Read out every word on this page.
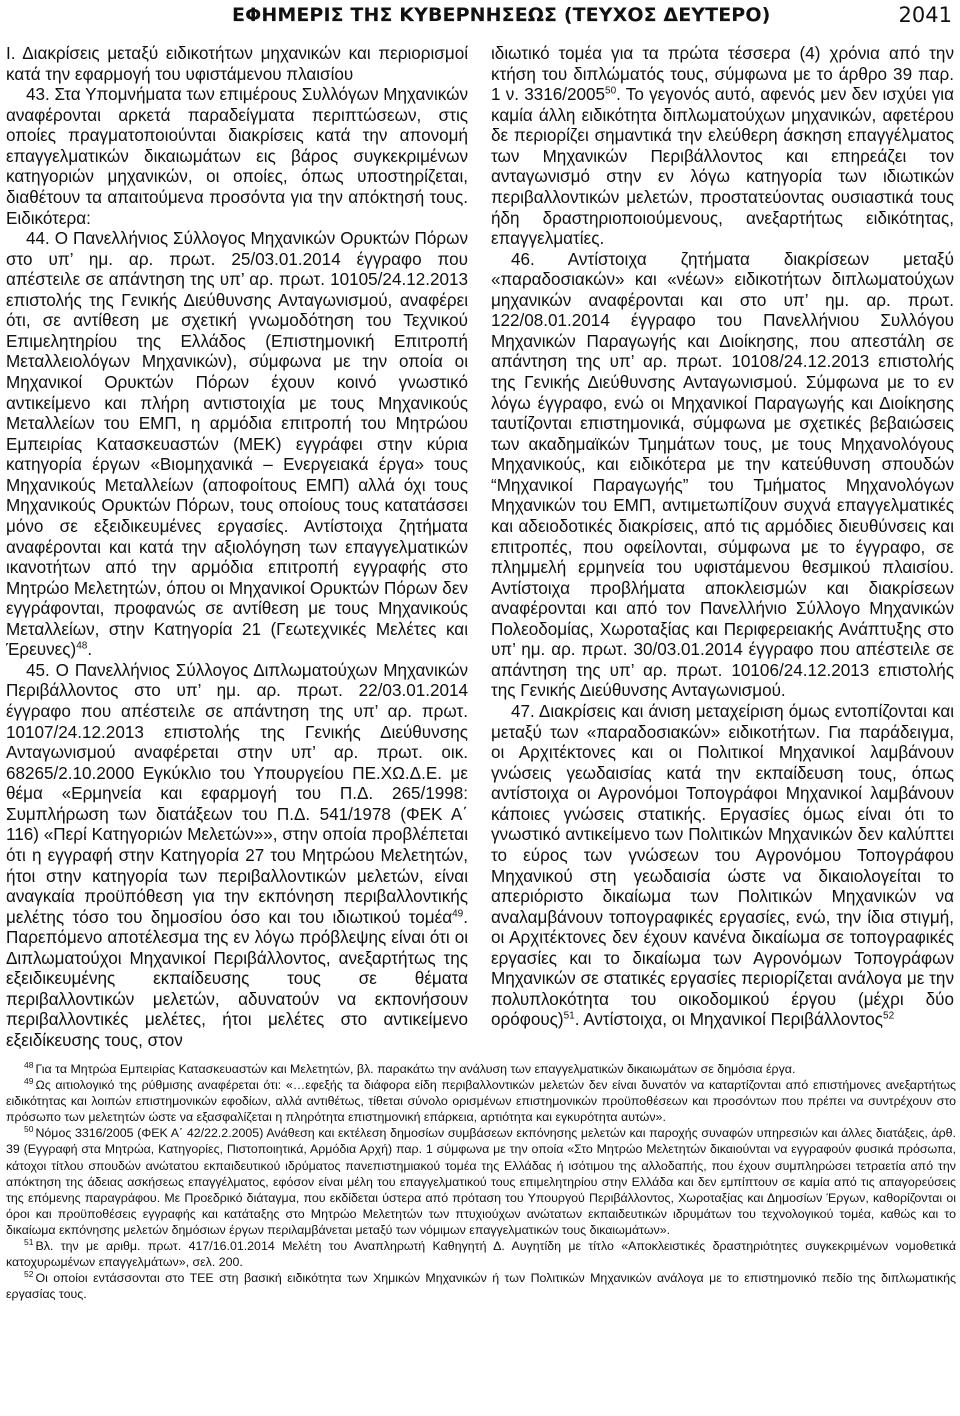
ΕΦΗΜΕΡΙΣ ΤΗΣ ΚΥΒΕΡΝΗΣΕΩΣ (ΤΕΥΧΟΣ ΔΕΥΤΕΡΟ)	2041

Ι. Διακρίσεις μεταξύ ειδικοτήτων μηχανικών και περιορισμοί κατά την εφαρμογή του υφιστάμενου πλαισίου

43. Στα Υπομνήματα των επιμέρους Συλλόγων Μηχανικών αναφέρονται αρκετά παραδείγματα περιπτώσεων, στις οποίες πραγματοποιούνται διακρίσεις κατά την απονομή επαγγελματικών δικαιωμάτων εις βάρος συγκεκριμένων κατηγοριών μηχανικών, οι οποίες, όπως υποστηρίζεται, διαθέτουν τα απαιτούμενα προσόντα για την απόκτησή τους. Ειδικότερα:

44. Ο Πανελλήνιος Σύλλογος Μηχανικών Ορυκτών Πόρων στο υπ’ ημ. αρ. πρωτ. 25/03.01.2014 έγγραφο που απέστειλε σε απάντηση της υπ’ αρ. πρωτ. 10105/24.12.2013 επιστολής της Γενικής Διεύθυνσης Ανταγωνισμού, αναφέρει ότι, σε αντίθεση με σχετική γνωμοδότηση του Τεχνικού Επιμελητηρίου της Ελλάδος (Επιστημονική Επιτροπή Μεταλλειολόγων Μηχανικών), σύμφωνα με την οποία οι Μηχανικοί Ορυκτών Πόρων έχουν κοινό γνωστικό αντικείμενο και πλήρη αντιστοιχία με τους Μηχανικούς Μεταλλείων του ΕΜΠ, η αρμόδια επιτροπή του Μητρώου Εμπειρίας Κατασκευαστών (ΜΕΚ) εγγράφει στην κύρια κατηγορία έργων «Βιομηχανικά – Ενεργειακά έργα» τους Μηχανικούς Μεταλλείων (αποφοίτους ΕΜΠ) αλλά όχι τους Μηχανικούς Ορυκτών Πόρων, τους οποίους τους κατατάσσει μόνο σε εξειδικευμένες εργασίες. Αντίστοιχα ζητήματα αναφέρονται και κατά την αξιολόγηση των επαγγελματικών ικανοτήτων από την αρμόδια επιτροπή εγγραφής στο Μητρώο Μελετητών, όπου οι Μηχανικοί Ορυκτών Πόρων δεν εγγράφονται, προφανώς σε αντίθεση με τους Μηχανικούς Μεταλλείων, στην Κατηγορία 21 (Γεωτεχνικές Μελέτες και Έρευνες)$^{48}$.

45. Ο Πανελλήνιος Σύλλογος Διπλωματούχων Μηχανικών Περιβάλλοντος στο υπ’ ημ. αρ. πρωτ. 22/03.01.2014 έγγραφο που απέστειλε σε απάντηση της υπ’ αρ. πρωτ. 10107/24.12.2013 επιστολής της Γενικής Διεύθυνσης Ανταγωνισμού αναφέρεται στην υπ’ αρ. πρωτ. οικ. 68265/2.10.2000 Εγκύκλιο του Υπουργείου ΠΕ.ΧΩ.Δ.Ε. με θέμα «Ερμηνεία και εφαρμογή του Π.Δ. 265/1998: Συμπλήρωση των διατάξεων του Π.Δ. 541/1978 (ΦΕΚ Α΄ 116) «Περί Κατηγοριών Μελετών»», στην οποία προβλέπεται ότι η εγγραφή στην Κατηγορία 27 του Μητρώου Μελετητών, ήτοι στην κατηγορία των περιβαλλοντικών μελετών, είναι αναγκαία προϋπόθεση για την εκπόνηση περιβαλλοντικής μελέτης τόσο του δημοσίου όσο και του ιδιωτικού τομέα$^{49}$. Παρεπόμενο αποτέλεσμα της εν λόγω πρόβλεψης είναι ότι οι Διπλωματούχοι Μηχανικοί Περιβάλλοντος, ανεξαρτήτως της εξειδικευμένης εκπαίδευσης τους σε θέματα περιβαλλοντικών μελετών, αδυνατούν να εκπονήσουν περιβαλλοντικές μελέτες, ήτοι μελέτες στο αντικείμενο εξειδίκευσης τους, στον

ιδιωτικό τομέα για τα πρώτα τέσσερα (4) χρόνια από την κτήση του διπλώματός τους, σύμφωνα με το άρθρο 39 παρ. 1 ν. 3316/2005$^{50}$. Το γεγονός αυτό, αφενός μεν δεν ισχύει για καμία άλλη ειδικότητα διπλωματούχων μηχανικών, αφετέρου δε περιορίζει σημαντικά την ελεύθερη άσκηση επαγγέλματος των Μηχανικών Περιβάλλοντος και επηρεάζει τον ανταγωνισμό στην εν λόγω κατηγορία των ιδιωτικών περιβαλλοντικών μελετών, προστατεύοντας ουσιαστικά τους ήδη δραστηριοποιούμενους, ανεξαρτήτως ειδικότητας, επαγγελματίες.

46. Αντίστοιχα ζητήματα διακρίσεων μεταξύ «παραδοσιακών» και «νέων» ειδικοτήτων διπλωματούχων μηχανικών αναφέρονται και στο υπ’ ημ. αρ. πρωτ. 122/08.01.2014 έγγραφο του Πανελλήνιου Συλλόγου Μηχανικών Παραγωγής και Διοίκησης, που απεστάλη σε απάντηση της υπ’ αρ. πρωτ. 10108/24.12.2013 επιστολής της Γενικής Διεύθυνσης Ανταγωνισμού. Σύμφωνα με το εν λόγω έγγραφο, ενώ οι Μηχανικοί Παραγωγής και Διοίκησης ταυτίζονται επιστημονικά, σύμφωνα με σχετικές βεβαιώσεις των ακαδημαϊκών Τμημάτων τους, με τους Μηχανολόγους Μηχανικούς, και ειδικότερα με την κατεύθυνση σπουδών “Μηχανικοί Παραγωγής” του Τμήματος Μηχανολόγων Μηχανικών του ΕΜΠ, αντιμετωπίζουν συχνά επαγγελματικές και αδειοδοτικές διακρίσεις, από τις αρμόδιες διευθύνσεις και επιτροπές, που οφείλονται, σύμφωνα με το έγγραφο, σε πλημμελή ερμηνεία του υφιστάμενου θεσμικού πλαισίου. Αντίστοιχα προβλήματα αποκλεισμών και διακρίσεων αναφέρονται και από τον Πανελλήνιο Σύλλογο Μηχανικών Πολεοδομίας, Χωροταξίας και Περιφερειακής Ανάπτυξης στο υπ’ ημ. αρ. πρωτ. 30/03.01.2014 έγγραφο που απέστειλε σε απάντηση της υπ’ αρ. πρωτ. 10106/24.12.2013 επιστολής της Γενικής Διεύθυνσης Ανταγωνισμού.

47. Διακρίσεις και άνιση μεταχείριση όμως εντοπίζονται και μεταξύ των «παραδοσιακών» ειδικοτήτων. Για παράδειγμα, οι Αρχιτέκτονες και οι Πολιτικοί Μηχανικοί λαμβάνουν γνώσεις γεωδαισίας κατά την εκπαίδευση τους, όπως αντίστοιχα οι Αγρονόμοι Τοπογράφοι Μηχανικοί λαμβάνουν κάποιες γνώσεις στατικής. Εργασίες όμως είναι ότι το γνωστικό αντικείμενο των Πολιτικών Μηχανικών δεν καλύπτει το εύρος των γνώσεων του Αγρονόμου Τοπογράφου Μηχανικού στη γεωδαισία ώστε να δικαιολογείται το απεριόριστο δικαίωμα των Πολιτικών Μηχανικών να αναλαμβάνουν τοπογραφικές εργασίες, ενώ, την ίδια στιγμή, οι Αρχιτέκτονες δεν έχουν κανένα δικαίωμα σε τοπογραφικές εργασίες και το δικαίωμα των Αγρονόμων Τοπογράφων Μηχανικών σε στατικές εργασίες περιορίζεται ανάλογα με την πολυπλοκότητα του οικοδομικού έργου (μέχρι δύο ορόφους)$^{51}$. Αντίστοιχα, οι Μηχανικοί Περιβάλλοντος$^{52}$

$^{48}$ Για τα Μητρώα Εμπειρίας Κατασκευαστών και Μελετητών, βλ. παρακάτω την ανάλυση των επαγγελματικών δικαιωμάτων σε δημόσια έργα.

$^{49}$ Ως αιτιολογικό της ρύθμισης αναφέρεται ότι: «…εφεξής τα διάφορα είδη περιβαλλοντικών μελετών δεν είναι δυνατόν να καταρτίζονται από επιστήμονες ανεξαρτήτως ειδικότητας και λοιπών επιστημονικών εφοδίων, αλλά αντιθέτως, τίθεται σύνολο ορισμένων επιστημονικών προϋποθέσεων και προσόντων που πρέπει να συντρέχουν στο πρόσωπο των μελετητών ώστε να εξασφαλίζεται η πληρότητα επιστημονική επάρκεια, αρτιότητα και εγκυρότητα αυτών».

$^{50}$ Νόμος 3316/2005 (ΦΕΚ Α΄ 42/22.2.2005) Ανάθεση και εκτέλεση δημοσίων συμβάσεων εκπόνησης μελετών και παροχής συναφών υπηρεσιών και άλλες διατάξεις, άρθ. 39 (Εγγραφή στα Μητρώα, Κατηγορίες, Πιστοποιητικά, Αρμόδια Αρχή) παρ. 1 σύμφωνα με την οποία «Στο Μητρώο Μελετητών δικαιούνται να εγγραφούν φυσικά πρόσωπα, κάτοχοι τίτλου σπουδών ανώτατου εκπαιδευτικού ιδρύματος πανεπιστημιακού τομέα της Ελλάδας ή ισότιμου της αλλοδαπής, που έχουν συμπληρώσει τετραετία από την απόκτηση της άδειας ασκήσεως επαγγέλματος, εφόσον είναι μέλη του επαγγελματικού τους επιμελητηρίου στην Ελλάδα και δεν εμπίπτουν σε καμία από τις απαγορεύσεις της επόμενης παραγράφου. Με Προεδρικό διάταγμα, που εκδίδεται ύστερα από πρόταση του Υπουργού Περιβάλλοντος, Χωροταξίας και Δημοσίων Έργων, καθορίζονται οι όροι και προϋποθέσεις εγγραφής και κατάταξης στο Μητρώο Μελετητών των πτυχιούχων ανώτατων εκπαιδευτικών ιδρυμάτων του τεχνολογικού τομέα, καθώς και το δικαίωμα εκπόνησης μελετών δημόσιων έργων περιλαμβάνεται μεταξύ των νόμιμων επαγγελματικών τους δικαιωμάτων».

$^{51}$ Βλ. την με αριθμ. πρωτ. 417/16.01.2014 Μελέτη του Αναπληρωτή Καθηγητή Δ. Αυγητίδη με τίτλο «Αποκλειστικές δραστηριότητες συγκεκριμένων νομοθετικά κατοχυρωμένων επαγγελμάτων», σελ. 200.

$^{52}$ Οι οποίοι εντάσσονται στο ΤΕΕ στη βασική ειδικότητα των Χημικών Μηχανικών ή των Πολιτικών Μηχανικών ανάλογα με το επιστημονικό πεδίο της διπλωματικής εργασίας τους.
